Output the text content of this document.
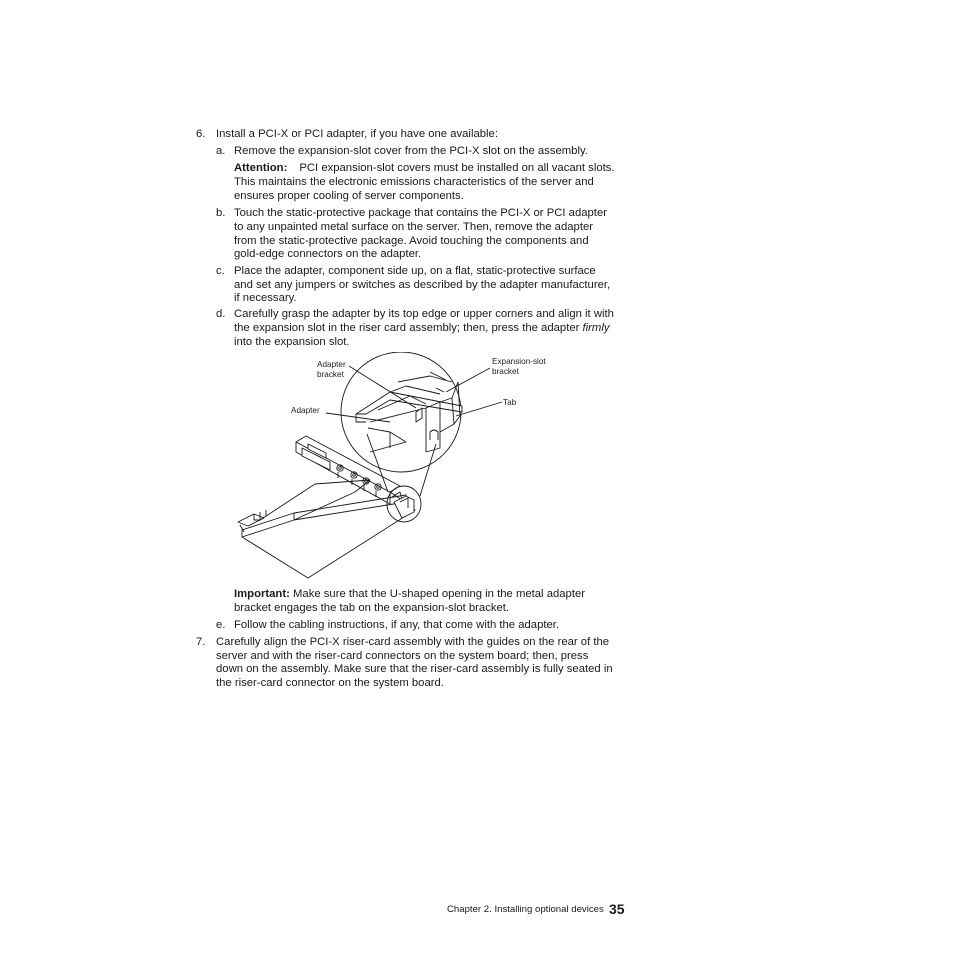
6. Install a PCI-X or PCI adapter, if you have one available:
a. Remove the expansion-slot cover from the PCI-X slot on the assembly.
Attention: PCI expansion-slot covers must be installed on all vacant slots.
This maintains the electronic emissions characteristics of the server and
ensures proper cooling of server components.
b. Touch the static-protective package that contains the PCI-X or PCI adapter
to any unpainted metal surface on the server. Then, remove the adapter
from the static-protective package. Avoid touching the components and
gold-edge connectors on the adapter.
c. Place the adapter, component side up, on a flat, static-protective surface
and set any jumpers or switches as described by the adapter manufacturer,
if necessary.
d. Carefully grasp the adapter by its top edge or upper corners and align it with
the expansion slot in the riser card assembly; then, press the adapter firmly
into the expansion slot.
Adapter
bracket
Expansion-slot
bracket
Adapter
Tab
Important: Make sure that the U-shaped opening in the metal adapter
bracket engages the tab on the expansion-slot bracket.
e. Follow the cabling instructions, if any, that come with the adapter.
7. Carefully align the PCI-X riser-card assembly with the guides on the rear of the
server and with the riser-card connectors on the system board; then, press
down on the assembly. Make sure that the riser-card assembly is fully seated in
the riser-card connector on the system board.
Chapter 2. Installing optional devices 35
